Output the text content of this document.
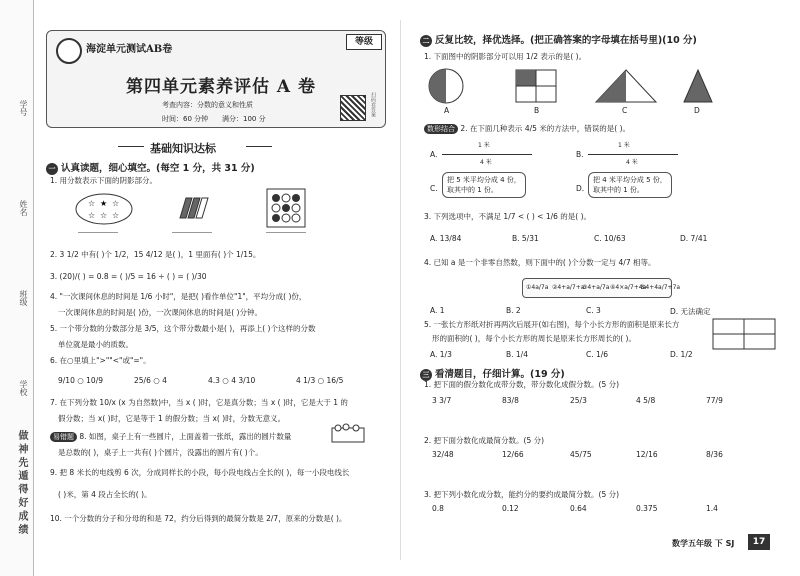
学号
姓名
班级
学校
做 神 先 遁 得 好 成 绩
海淀单元测试AB卷
等级
第四单元素养评估 A 卷
考查内容：分数的意义和性质
时间：60 分钟 满分：100 分
扫码看答案
基础知识达标
一 认真读题，细心填空。(每空 1 分，共 31 分)
1. 用分数表示下面的阴影部分。
☆ ★ ☆
☆ ☆ ☆
2. 3 1/2 中有( )个 1/2，15 4/12 是( )，1 里面有( )个 1/15。
3. (20)/( ) = 0.8 = ( )/5 = 16 ÷ ( ) = ( )/30
4. "一次课间休息的时间是 1/6 小时"，是把( )看作单位"1"，平均分成( )份，
一次课间休息的时间是( )份，一次课间休息的时间是( )分钟。
5. 一个带分数的分数部分是 3/5，这个带分数最小是( )，再添上( )个这样的分数
单位就是最小的质数。
6. 在○里填上">""<"或"="。
9/10 ○ 10/9	25/6 ○ 4	4.3 ○ 4 3/10	4 1/3 ○ 16/5
7. 在下列分数 10/x (x 为自然数)中，当 x ( )时，它是真分数；当 x ( )时，它是大于 1 的
假分数；当 x( )时，它是等于 1 的假分数；当 x( )时，分数无意义。
易错题 8. 如图，桌子上有一些圆片，上面盖着一张纸，露出的圆片数量
是总数的( )，桌子上一共有( )个圆片，没露出的圆片有( )个。
9. 把 8 米长的电线剪 6 次，分成同样长的小段，每小段电线占全长的( )，每一小段电线长
( )米，第 4 段占全长的( )。
10. 一个分数的分子和分母的和是 72，约分后得到的最简分数是 2/7，原来的分数是( )。
二 反复比较，择优选择。(把正确答案的字母填在括号里)(10 分)
1. 下面图中的阴影部分可以用 1/2 表示的是( )。
A	B	C	D
数形结合 2. 在下面几种表示 4/5 米的方法中，错误的是( )。
A.
1 米
4 米
B.
1 米
4 米
C.
把 5 米平均分成 4 份，取其中的 1 份。	D.
把 4 米平均分成 5 份，取其中的 1 份。
3. 下列选项中，不满足 1/7 < ( ) < 1/6 的是( )。
A. 13/84	B. 5/31	C. 10/63	D. 7/41
4. 已知 a 是一个非零自然数，则下面中的( )个分数一定与 4/7 相等。
①4a/7a ②4+a/7+a
③4+a/7a ④4×a/7+4a
⑤4+4a/7+7a
A. 1	B. 2	C. 3	D. 无法确定
5. 一张长方形纸对折再两次后展开(如右图)，每个小长方形的面积是原来长方
形的面积的( )，每个小长方形的周长是原来长方形周长的( )。
A. 1/3	B. 1/4	C. 1/6	D. 1/2
三 看清题目，仔细计算。(19 分)
1. 把下面的假分数化成带分数，带分数化成假分数。(5 分)
3 3/7	83/8	25/3	4 5/8	77/9
2. 把下面分数化成最简分数。(5 分)
32/48	12/66	45/75	12/16	8/36
3. 把下列小数化成分数，能约分的要约成最简分数。(5 分)
0.8	0.12	0.64	0.375	1.4
数学五年级 下 SJ	17
